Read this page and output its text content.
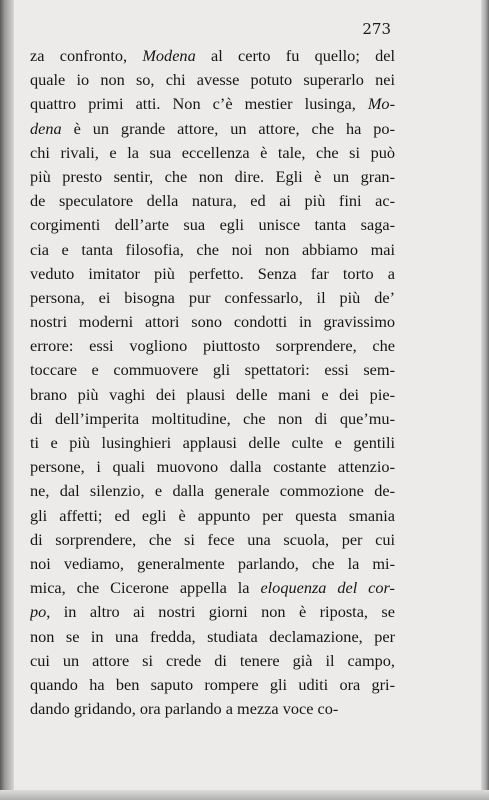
273
za confronto, Modena al certo fu quello; del
quale io non so, chi avesse potuto superarlo nei
quattro primi atti. Non c’è mestier lusinga, Mo-
dena è un grande attore, un attore, che ha po-
chi rivali, e la sua eccellenza è tale, che si può
più presto sentir, che non dire. Egli è un gran-
de speculatore della natura, ed ai più fini ac-
corgimenti dell’arte sua egli unisce tanta saga-
cia e tanta filosofia, che noi non abbiamo mai
veduto imitator più perfetto. Senza far torto a
persona, ei bisogna pur confessarlo, il più de’
nostri moderni attori sono condotti in gravissimo
errore: essi vogliono piuttosto sorprendere, che
toccare e commuovere gli spettatori: essi sem-
brano più vaghi dei plausi delle mani e dei pie-
di dell’imperita moltitudine, che non di que’mu-
ti e più lusinghieri applausi delle culte e gentili
persone, i quali muovono dalla costante attenzio-
ne, dal silenzio, e dalla generale commozione de-
gli affetti; ed egli è appunto per questa smania
di sorprendere, che si fece una scuola, per cui
noi vediamo, generalmente parlando, che la mi-
mica, che Cicerone appella la eloquenza del cor-
po, in altro ai nostri giorni non è riposta, se
non se in una fredda, studiata declamazione, per
cui un attore si crede di tenere già il campo,
quando ha ben saputo rompere gli uditi ora gri-
dando gridando, ora parlando a mezza voce co-
